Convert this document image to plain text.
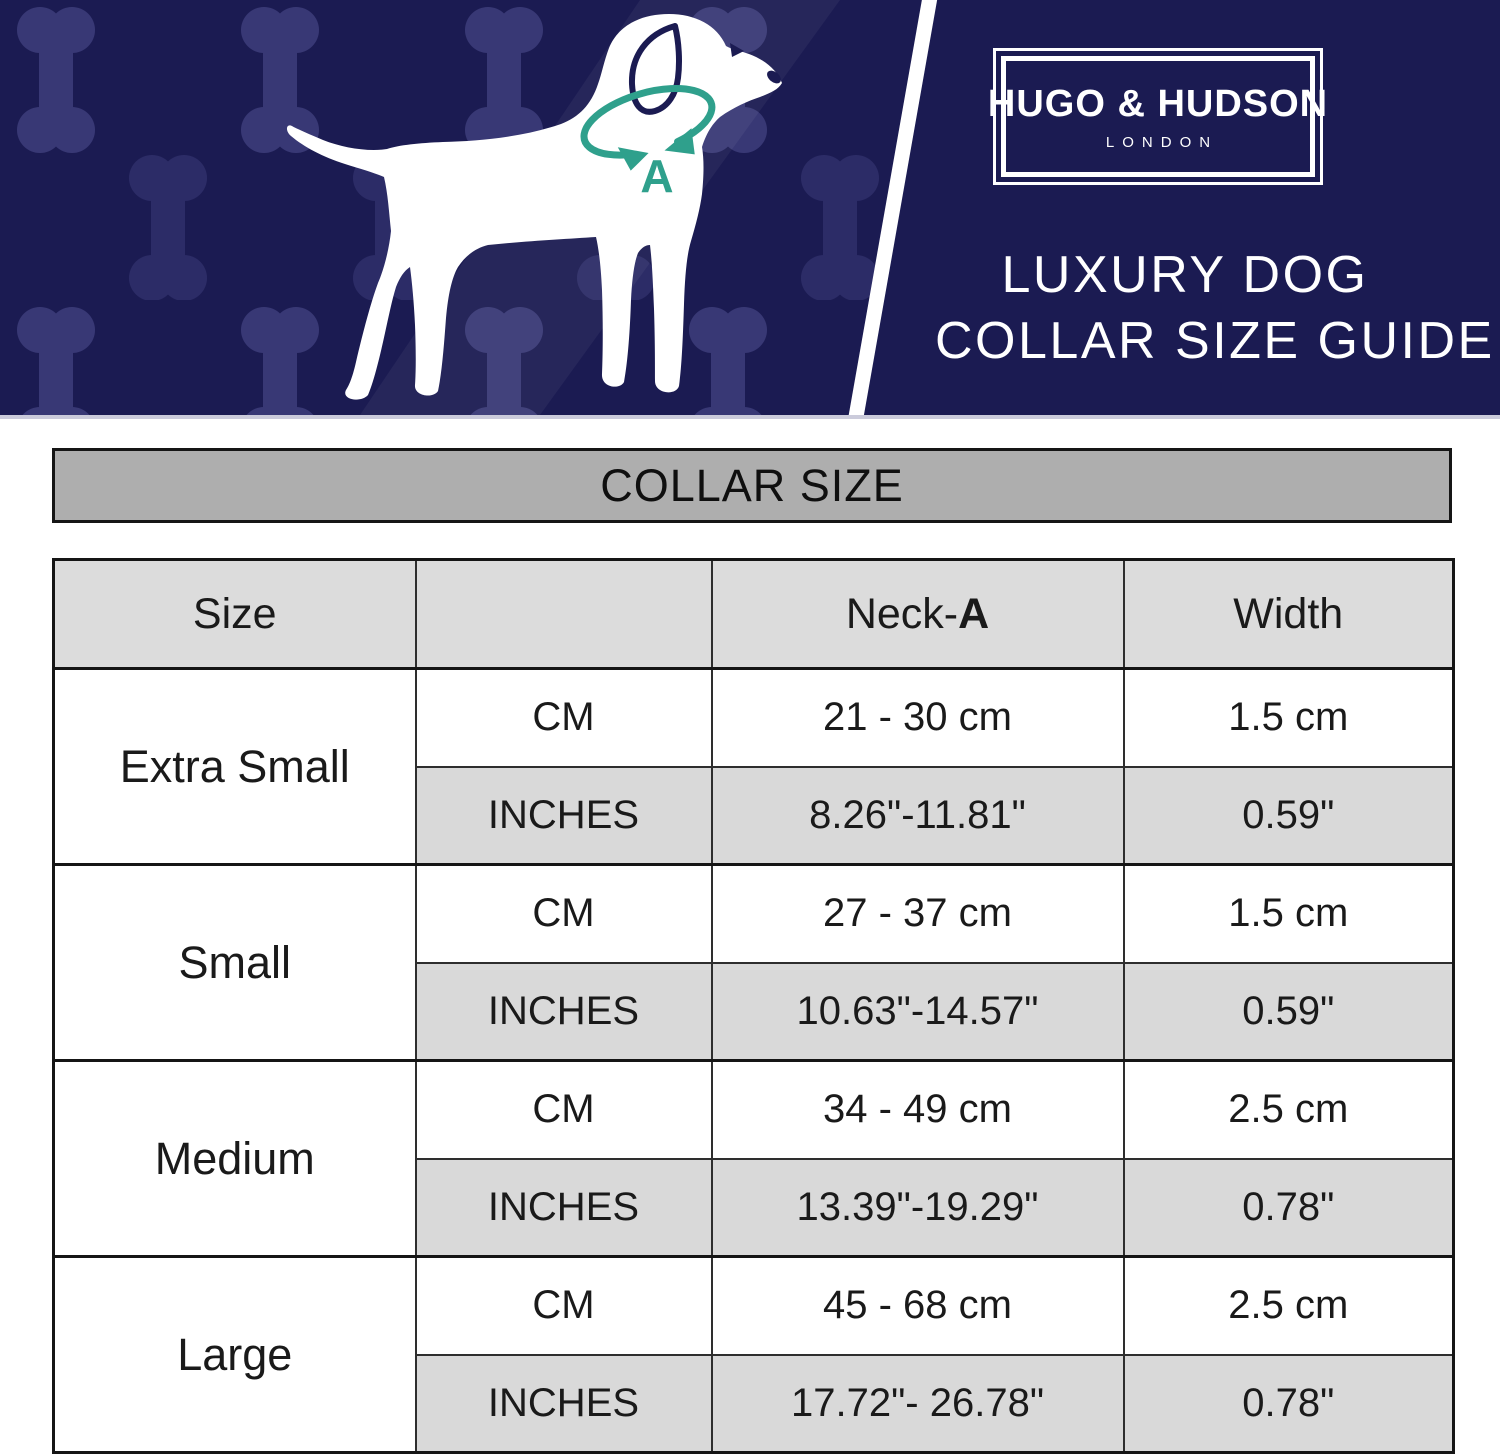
A
HUGO & HUDSON
LONDON
LUXURY DOG
COLLAR SIZE GUIDE
COLLAR SIZE
Size		Neck-A	Width
Extra Small	CM	21 - 30 cm	1.5 cm
	INCHES	8.26"-11.81"	0.59"
Small	CM	27 - 37 cm	1.5 cm
	INCHES	10.63"-14.57"	0.59"
Medium	CM	34 - 49 cm	2.5 cm
	INCHES	13.39"-19.29"	0.78"
Large	CM	45 - 68 cm	2.5 cm
	INCHES	17.72"- 26.78"	0.78"
